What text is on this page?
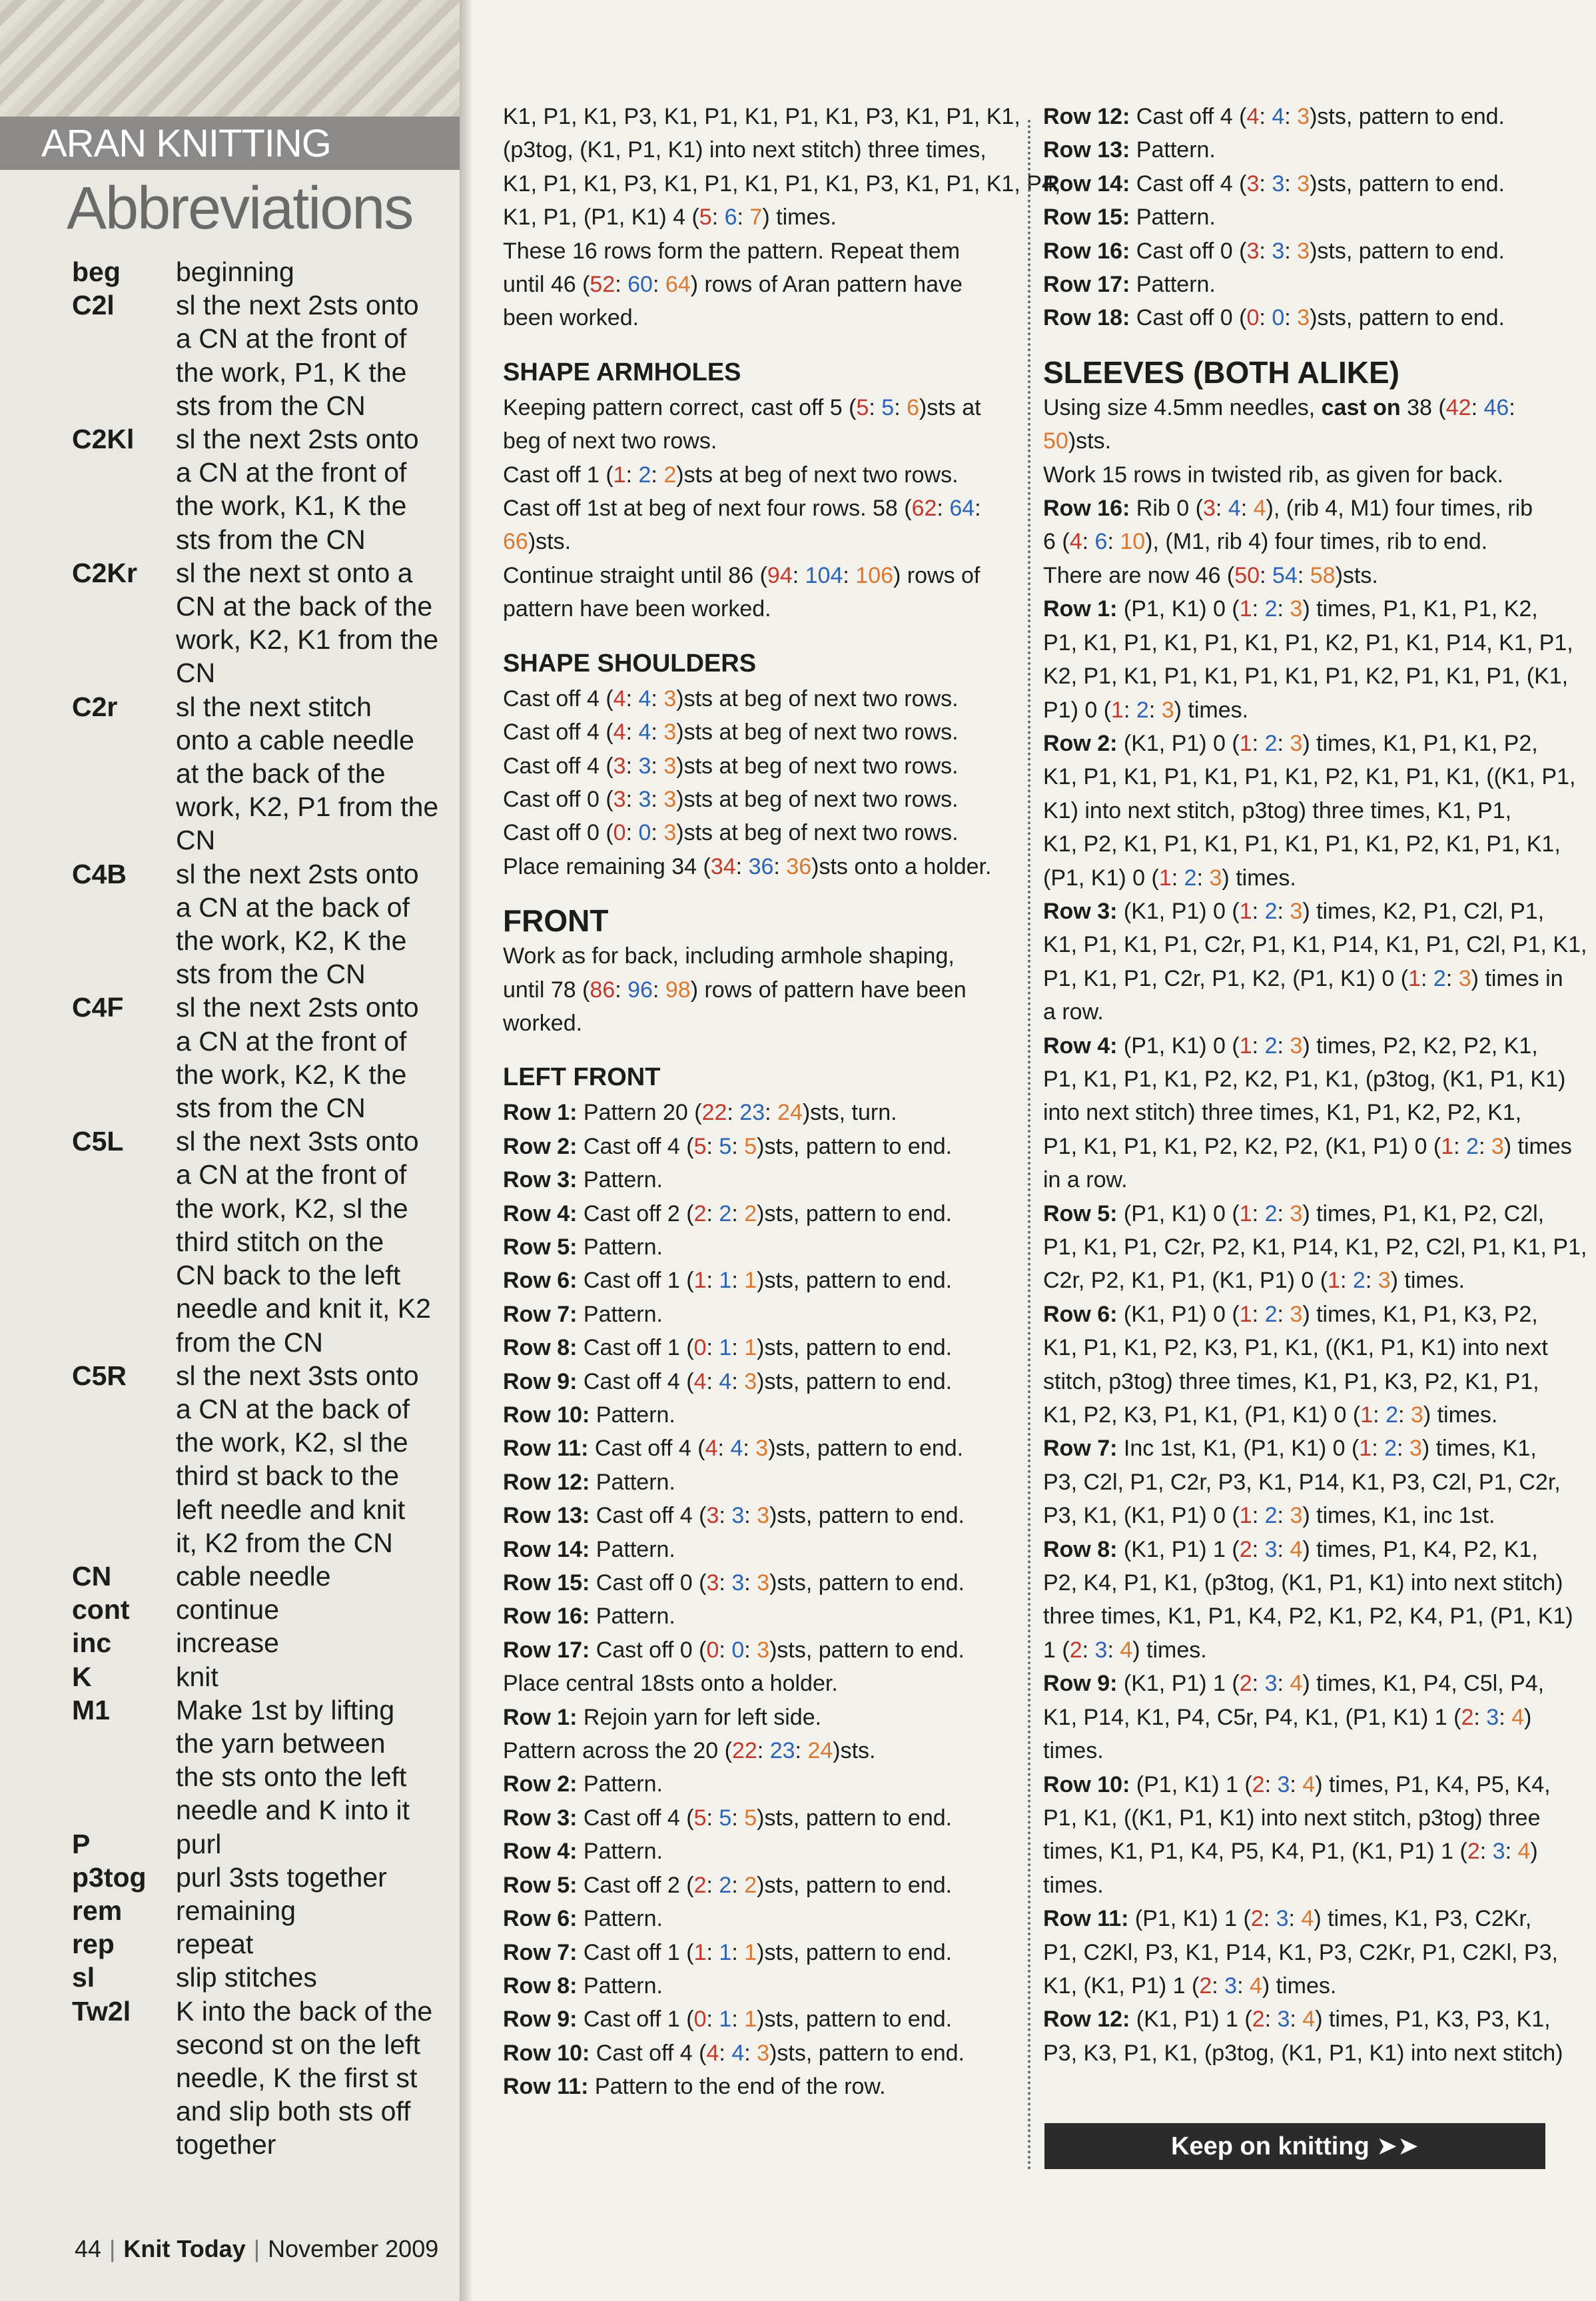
ARAN KNITTING
Abbreviations
beg	beginning
C2l	sl the next 2sts onto
a CN at the front of
the work, P1, K the
sts from the CN
C2Kl	sl the next 2sts onto
a CN at the front of
the work, K1, K the
sts from the CN
C2Kr	sl the next st onto a
CN at the back of the
work, K2, K1 from the
CN
C2r	sl the next stitch
onto a cable needle
at the back of the
work, K2, P1 from the
CN
C4B	sl the next 2sts onto
a CN at the back of
the work, K2, K the
sts from the CN
C4F	sl the next 2sts onto
a CN at the front of
the work, K2, K the
sts from the CN
C5L	sl the next 3sts onto
a CN at the front of
the work, K2, sl the
third stitch on the
CN back to the left
needle and knit it, K2
from the CN
C5R	sl the next 3sts onto
a CN at the back of
the work, K2, sl the
third st back to the
left needle and knit
it, K2 from the CN
CN	cable needle
cont	continue
inc	increase
K	knit
M1	Make 1st by lifting
the yarn between
the sts onto the left
needle and K into it
P	purl
p3tog	purl 3sts together
rem	remaining
rep	repeat
sl	slip stitches
Tw2l	K into the back of the
second st on the left
needle, K the first st
and slip both sts off
together
44 | Knit Today | November 2009
K1, P1, K1, P3, K1, P1, K1, P1, K1, P3, K1, P1, K1,
(p3tog, (K1, P1, K1) into next stitch) three times,
K1, P1, K1, P3, K1, P1, K1, P1, K1, P3, K1, P1, K1, P4,
K1, P1, (P1, K1) 4 (5: 6: 7) times.
These 16 rows form the pattern. Repeat them
until 46 (52: 60: 64) rows of Aran pattern have
been worked.
SHAPE ARMHOLES
Keeping pattern correct, cast off 5 (5: 5: 6)sts at
beg of next two rows.
Cast off 1 (1: 2: 2)sts at beg of next two rows.
Cast off 1st at beg of next four rows. 58 (62: 64:
66)sts.
Continue straight until 86 (94: 104: 106) rows of
pattern have been worked.
SHAPE SHOULDERS
Cast off 4 (4: 4: 3)sts at beg of next two rows.
Cast off 4 (4: 4: 3)sts at beg of next two rows.
Cast off 4 (3: 3: 3)sts at beg of next two rows.
Cast off 0 (3: 3: 3)sts at beg of next two rows.
Cast off 0 (0: 0: 3)sts at beg of next two rows.
Place remaining 34 (34: 36: 36)sts onto a holder.
FRONT
Work as for back, including armhole shaping,
until 78 (86: 96: 98) rows of pattern have been
worked.
LEFT FRONT
Row 1: Pattern 20 (22: 23: 24)sts, turn.
Row 2: Cast off 4 (5: 5: 5)sts, pattern to end.
Row 3: Pattern.
Row 4: Cast off 2 (2: 2: 2)sts, pattern to end.
Row 5: Pattern.
Row 6: Cast off 1 (1: 1: 1)sts, pattern to end.
Row 7: Pattern.
Row 8: Cast off 1 (0: 1: 1)sts, pattern to end.
Row 9: Cast off 4 (4: 4: 3)sts, pattern to end.
Row 10: Pattern.
Row 11: Cast off 4 (4: 4: 3)sts, pattern to end.
Row 12: Pattern.
Row 13: Cast off 4 (3: 3: 3)sts, pattern to end.
Row 14: Pattern.
Row 15: Cast off 0 (3: 3: 3)sts, pattern to end.
Row 16: Pattern.
Row 17: Cast off 0 (0: 0: 3)sts, pattern to end.
Place central 18sts onto a holder.
Row 1: Rejoin yarn for left side.
Pattern across the 20 (22: 23: 24)sts.
Row 2: Pattern.
Row 3: Cast off 4 (5: 5: 5)sts, pattern to end.
Row 4: Pattern.
Row 5: Cast off 2 (2: 2: 2)sts, pattern to end.
Row 6: Pattern.
Row 7: Cast off 1 (1: 1: 1)sts, pattern to end.
Row 8: Pattern.
Row 9: Cast off 1 (0: 1: 1)sts, pattern to end.
Row 10: Cast off 4 (4: 4: 3)sts, pattern to end.
Row 11: Pattern to the end of the row.
Row 12: Cast off 4 (4: 4: 3)sts, pattern to end.
Row 13: Pattern.
Row 14: Cast off 4 (3: 3: 3)sts, pattern to end.
Row 15: Pattern.
Row 16: Cast off 0 (3: 3: 3)sts, pattern to end.
Row 17: Pattern.
Row 18: Cast off 0 (0: 0: 3)sts, pattern to end.
SLEEVES (BOTH ALIKE)
Using size 4.5mm needles, cast on 38 (42: 46:
50)sts.
Work 15 rows in twisted rib, as given for back.
Row 16: Rib 0 (3: 4: 4), (rib 4, M1) four times, rib
6 (4: 6: 10), (M1, rib 4) four times, rib to end.
There are now 46 (50: 54: 58)sts.
Row 1: (P1, K1) 0 (1: 2: 3) times, P1, K1, P1, K2,
P1, K1, P1, K1, P1, K1, P1, K2, P1, K1, P14, K1, P1,
K2, P1, K1, P1, K1, P1, K1, P1, K2, P1, K1, P1, (K1,
P1) 0 (1: 2: 3) times.
Row 2: (K1, P1) 0 (1: 2: 3) times, K1, P1, K1, P2,
K1, P1, K1, P1, K1, P1, K1, P2, K1, P1, K1, ((K1, P1,
K1) into next stitch, p3tog) three times, K1, P1,
K1, P2, K1, P1, K1, P1, K1, P1, K1, P2, K1, P1, K1,
(P1, K1) 0 (1: 2: 3) times.
Row 3: (K1, P1) 0 (1: 2: 3) times, K2, P1, C2l, P1,
K1, P1, K1, P1, C2r, P1, K1, P14, K1, P1, C2l, P1, K1,
P1, K1, P1, C2r, P1, K2, (P1, K1) 0 (1: 2: 3) times in
a row.
Row 4: (P1, K1) 0 (1: 2: 3) times, P2, K2, P2, K1,
P1, K1, P1, K1, P2, K2, P1, K1, (p3tog, (K1, P1, K1)
into next stitch) three times, K1, P1, K2, P2, K1,
P1, K1, P1, K1, P2, K2, P2, (K1, P1) 0 (1: 2: 3) times
in a row.
Row 5: (P1, K1) 0 (1: 2: 3) times, P1, K1, P2, C2l,
P1, K1, P1, C2r, P2, K1, P14, K1, P2, C2l, P1, K1, P1,
C2r, P2, K1, P1, (K1, P1) 0 (1: 2: 3) times.
Row 6: (K1, P1) 0 (1: 2: 3) times, K1, P1, K3, P2,
K1, P1, K1, P2, K3, P1, K1, ((K1, P1, K1) into next
stitch, p3tog) three times, K1, P1, K3, P2, K1, P1,
K1, P2, K3, P1, K1, (P1, K1) 0 (1: 2: 3) times.
Row 7: Inc 1st, K1, (P1, K1) 0 (1: 2: 3) times, K1,
P3, C2l, P1, C2r, P3, K1, P14, K1, P3, C2l, P1, C2r,
P3, K1, (K1, P1) 0 (1: 2: 3) times, K1, inc 1st.
Row 8: (K1, P1) 1 (2: 3: 4) times, P1, K4, P2, K1,
P2, K4, P1, K1, (p3tog, (K1, P1, K1) into next stitch)
three times, K1, P1, K4, P2, K1, P2, K4, P1, (P1, K1)
1 (2: 3: 4) times.
Row 9: (K1, P1) 1 (2: 3: 4) times, K1, P4, C5l, P4,
K1, P14, K1, P4, C5r, P4, K1, (P1, K1) 1 (2: 3: 4)
times.
Row 10: (P1, K1) 1 (2: 3: 4) times, P1, K4, P5, K4,
P1, K1, ((K1, P1, K1) into next stitch, p3tog) three
times, K1, P1, K4, P5, K4, P1, (K1, P1) 1 (2: 3: 4)
times.
Row 11: (P1, K1) 1 (2: 3: 4) times, K1, P3, C2Kr,
P1, C2Kl, P3, K1, P14, K1, P3, C2Kr, P1, C2Kl, P3,
K1, (K1, P1) 1 (2: 3: 4) times.
Row 12: (K1, P1) 1 (2: 3: 4) times, P1, K3, P3, K1,
P3, K3, P1, K1, (p3tog, (K1, P1, K1) into next stitch)
Keep on knitting ➤➤
